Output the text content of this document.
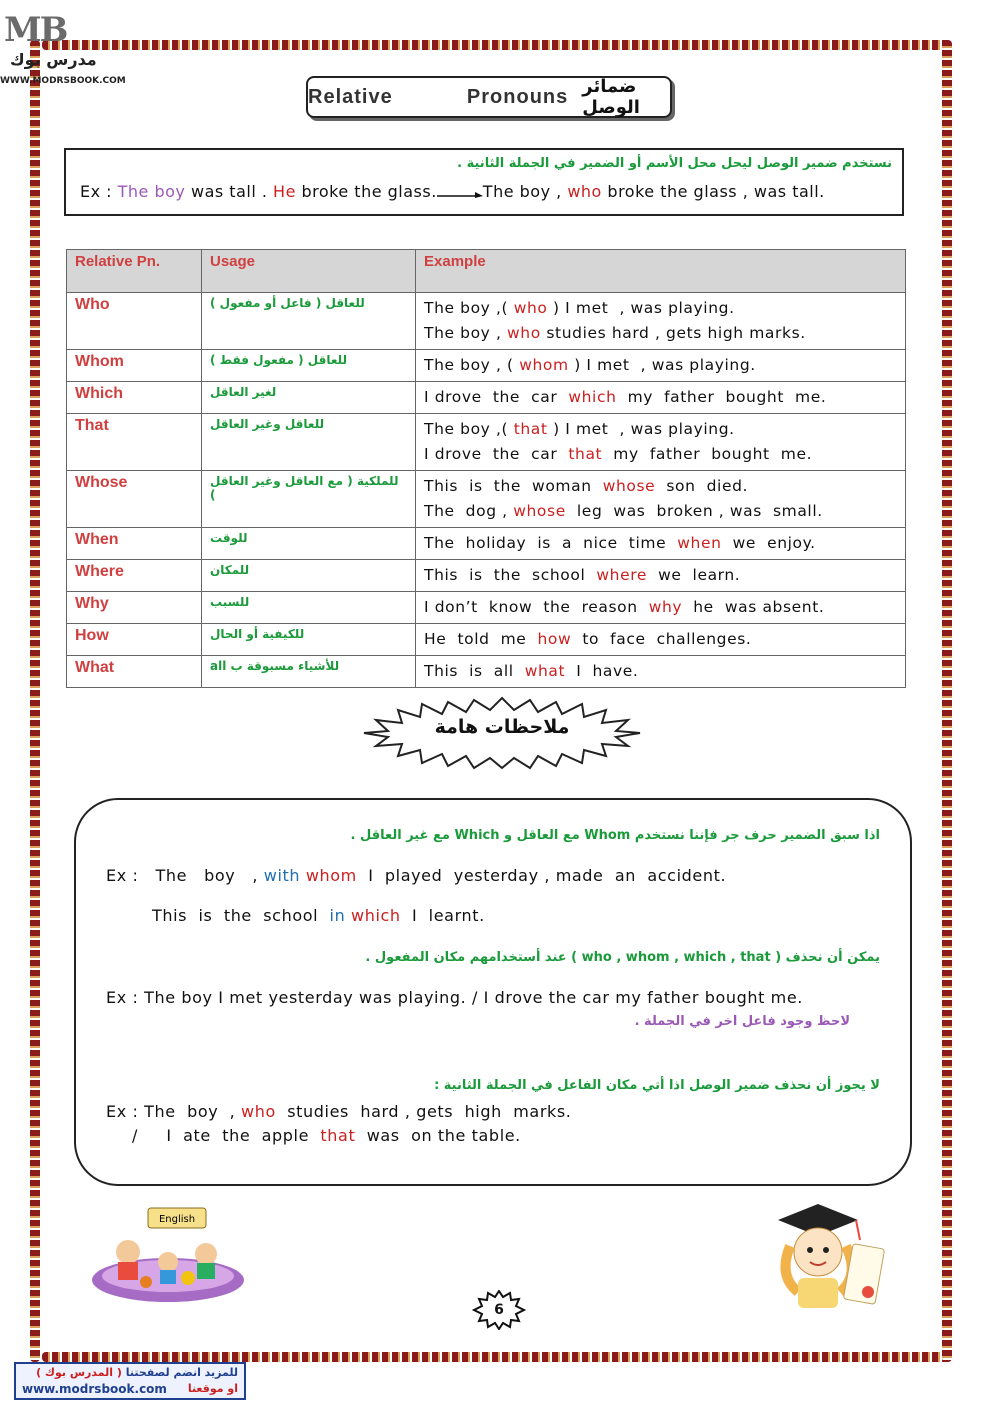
MB
مدرس بوك
WWW.MODRSBOOK.COM
Relative    Pronouns ضمائر الوصل
نستخدم ضمير الوصل ليحل محل الأسم أو الضمير في الجملة الثانية .
Ex : The boy was tall . He broke the glass.	The boy , who broke the glass , was tall.
Relative Pn.	Usage	Example
Who	للعاقل ( فاعل أو مفعول )	The boy ,( who ) I met  , was playing.
The boy , who studies hard , gets high marks.

Whom	للعاقل ( مفعول فقط )	The boy , ( whom ) I met  , was playing.

Which	لغير العاقل	I drove  the  car  which  my  father  bought  me.

That	للعاقل وغير العاقل	The boy ,( that ) I met  , was playing.
I drove  the  car  that  my  father  bought  me.

Whose	للملكية ( مع العاقل وغير العاقل )	This  is  the  woman  whose  son  died.
The  dog , whose  leg  was  broken , was  small.

When	للوقت	The  holiday  is  a  nice  time  when  we  enjoy.

Where	للمكان	This  is  the  school  where  we  learn.

Why	للسبب	I don’t  know  the  reason  why  he  was absent.

How	للكيفية أو الحال	He  told  me  how  to  face  challenges.

What	للأشياء مسبوقة ب all	This  is  all  what  I  have.
ملاحظات هامة
اذا سبق الضمير حرف جر فإننا نستخدم Whom مع العاقل و Which مع غير العاقل .
Ex :   The   boy   , with whom  I  played  yesterday , made  an  accident.
This  is  the  school  in which  I  learnt.
يمكن أن نحذف ( who , whom , which , that ) عند أستخدامهم مكان المفعول .
Ex : The boy I met yesterday was playing. / I drove the car my father bought me.
لاحظ وجود فاعل اخر في الجملة .
لا يجوز أن نحذف ضمير الوصل اذا أتي مكان الفاعل في الجملة الثانية :
Ex : The  boy  , who  studies  hard , gets  high  marks.
/     I  ate  the  apple  that  was  on the table.
English
6
للمزيد انضم لصفحتنا ( المدرس بوك )
www.modrsbook.com او موقعنا
